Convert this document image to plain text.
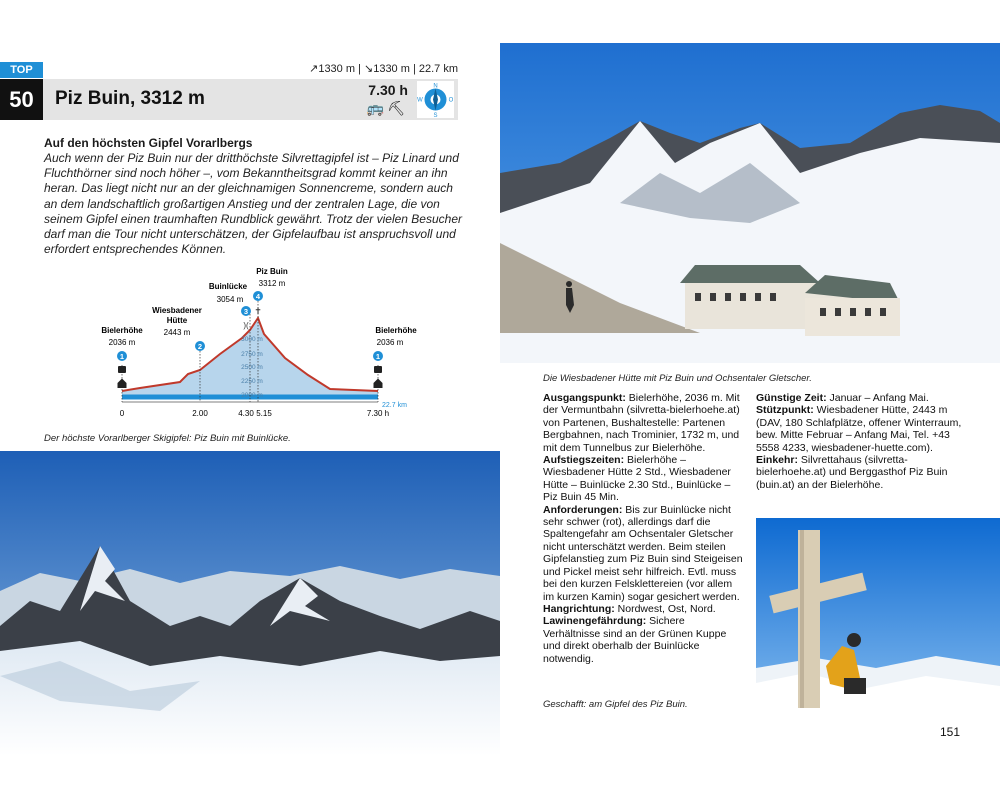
TOP
50
↗1330 m | ↘1330 m | 22.7 km
Piz Buin, 3312 m	7.30 h
🚌⛏
N
O
S
W
Auf den höchsten Gipfel Vorarlbergs
Auch wenn der Piz Buin nur der dritthöchste Silvrettagipfel ist – Piz Linard und Fluchthörner sind noch höher –, vom Bekanntheitsgrad kommt keiner an ihn heran. Das liegt nicht nur an der gleichnamigen Sonnencreme, sondern auch an dem landschaftlich großartigen Anstieg und der zentralen Lage, die von seinem Gipfel einen traumhaften Rundblick gewährt. Trotz der vielen Besucher darf man die Tour nicht unterschätzen, der Gipfelaufbau ist anspruchsvoll und erfordert entsprechendes Können.
3000 m
2750 m
2500 m
2250 m
2000 m
0	2.00	4.30 5.15	7.30 h
22.7 km
Bielerhöhe
2036 m
1
Wiesbadener
Hütte
2443 m
2
Buinlücke
3054 m
3
)(
Piz Buin
3312 m
4
✝
Bielerhöhe
2036 m
1
Der höchste Vorarlberger Skigipfel: Piz Buin mit Buinlücke.
Die Wiesbadener Hütte mit Piz Buin und Ochsentaler Gletscher.

Ausgangspunkt: Bielerhöhe, 2036 m. Mit der Vermuntbahn (silvretta-bielerhoehe.at) von Partenen, Bushaltestelle: Partenen Bergbahnen, nach Trominier, 1732 m, und mit dem Tunnelbus zur Bielerhöhe.

Aufstiegszeiten: Bielerhöhe – Wiesbadener Hütte 2 Std., Wiesbadener Hütte – Buinlücke 2.30 Std., Buinlücke – Piz Buin 45 Min.

Anforderungen: Bis zur Buinlücke nicht sehr schwer (rot), allerdings darf die Spaltengefahr am Ochsentaler Gletscher nicht unterschätzt werden. Beim steilen Gipfelanstieg zum Piz Buin sind Steigeisen und Pickel meist sehr hilfreich. Evtl. muss bei den kurzen Felsklettereien (vor allem im kurzen Kamin) sogar gesichert werden.

Hangrichtung: Nordwest, Ost, Nord.

Lawinengefährdung: Sichere Verhältnisse sind an der Grünen Kuppe und direkt oberhalb der Buinlücke notwendig.

Geschafft: am Gipfel des Piz Buin.

Günstige Zeit: Januar – Anfang Mai.

Stützpunkt: Wiesbadener Hütte, 2443 m (DAV, 180 Schlafplätze, offener Winterraum, bew. Mitte Februar – Anfang Mai, Tel. +43 5558 4233, wiesbadener-huette.com).

Einkehr: Silvrettahaus (silvretta-bielerhoehe.at) und Berggasthof Piz Buin (buin.at) an der Bielerhöhe.

151
